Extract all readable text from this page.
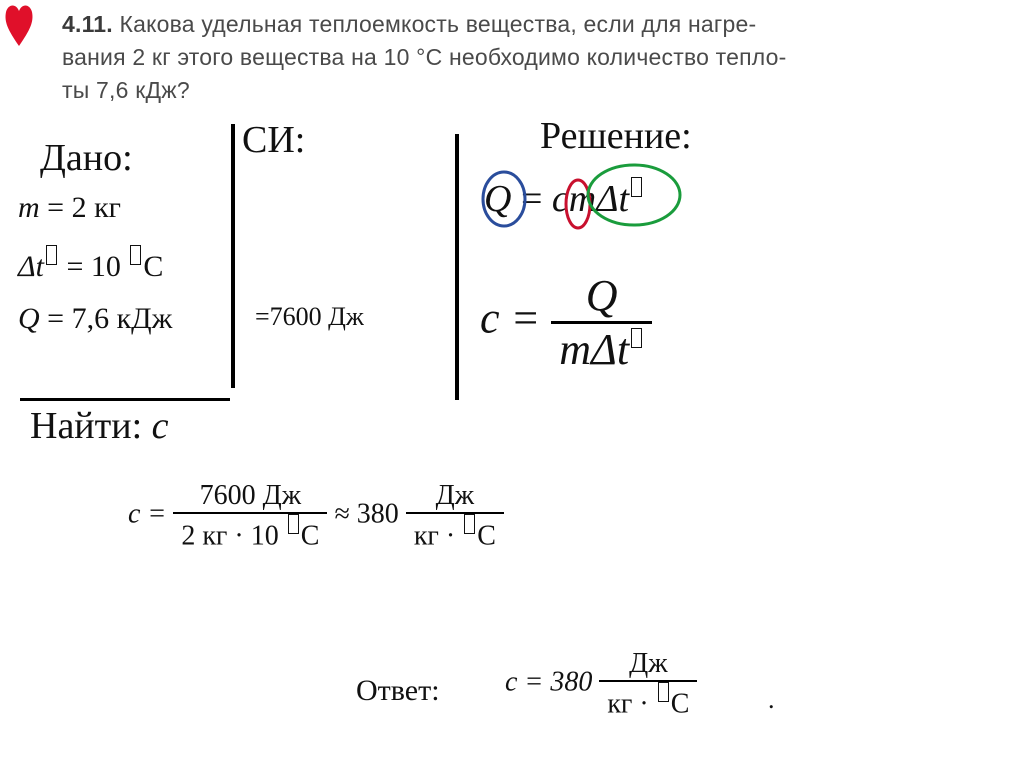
4.11. Какова удельная теплоемкость вещества, если для нагре-
вания 2 кг этого вещества на 10 °С необходимо количество тепло-
ты 7,6 кДж?
Дано:	СИ:	Решение:
m = 2 кг
Δt = 10 C
Q = 7,6 кДж	=7600 Дж
Найти: c
Q = cmΔt
$c = \frac{Q}{\text{mΔt}}$
$c = \frac{7600 Дж}{2 кг \cdot 10 C} \approx 380 \frac{Дж}{кг \cdot C}$
Ответ: $c = 380 \frac{Дж}{кг \cdot C}$	.
